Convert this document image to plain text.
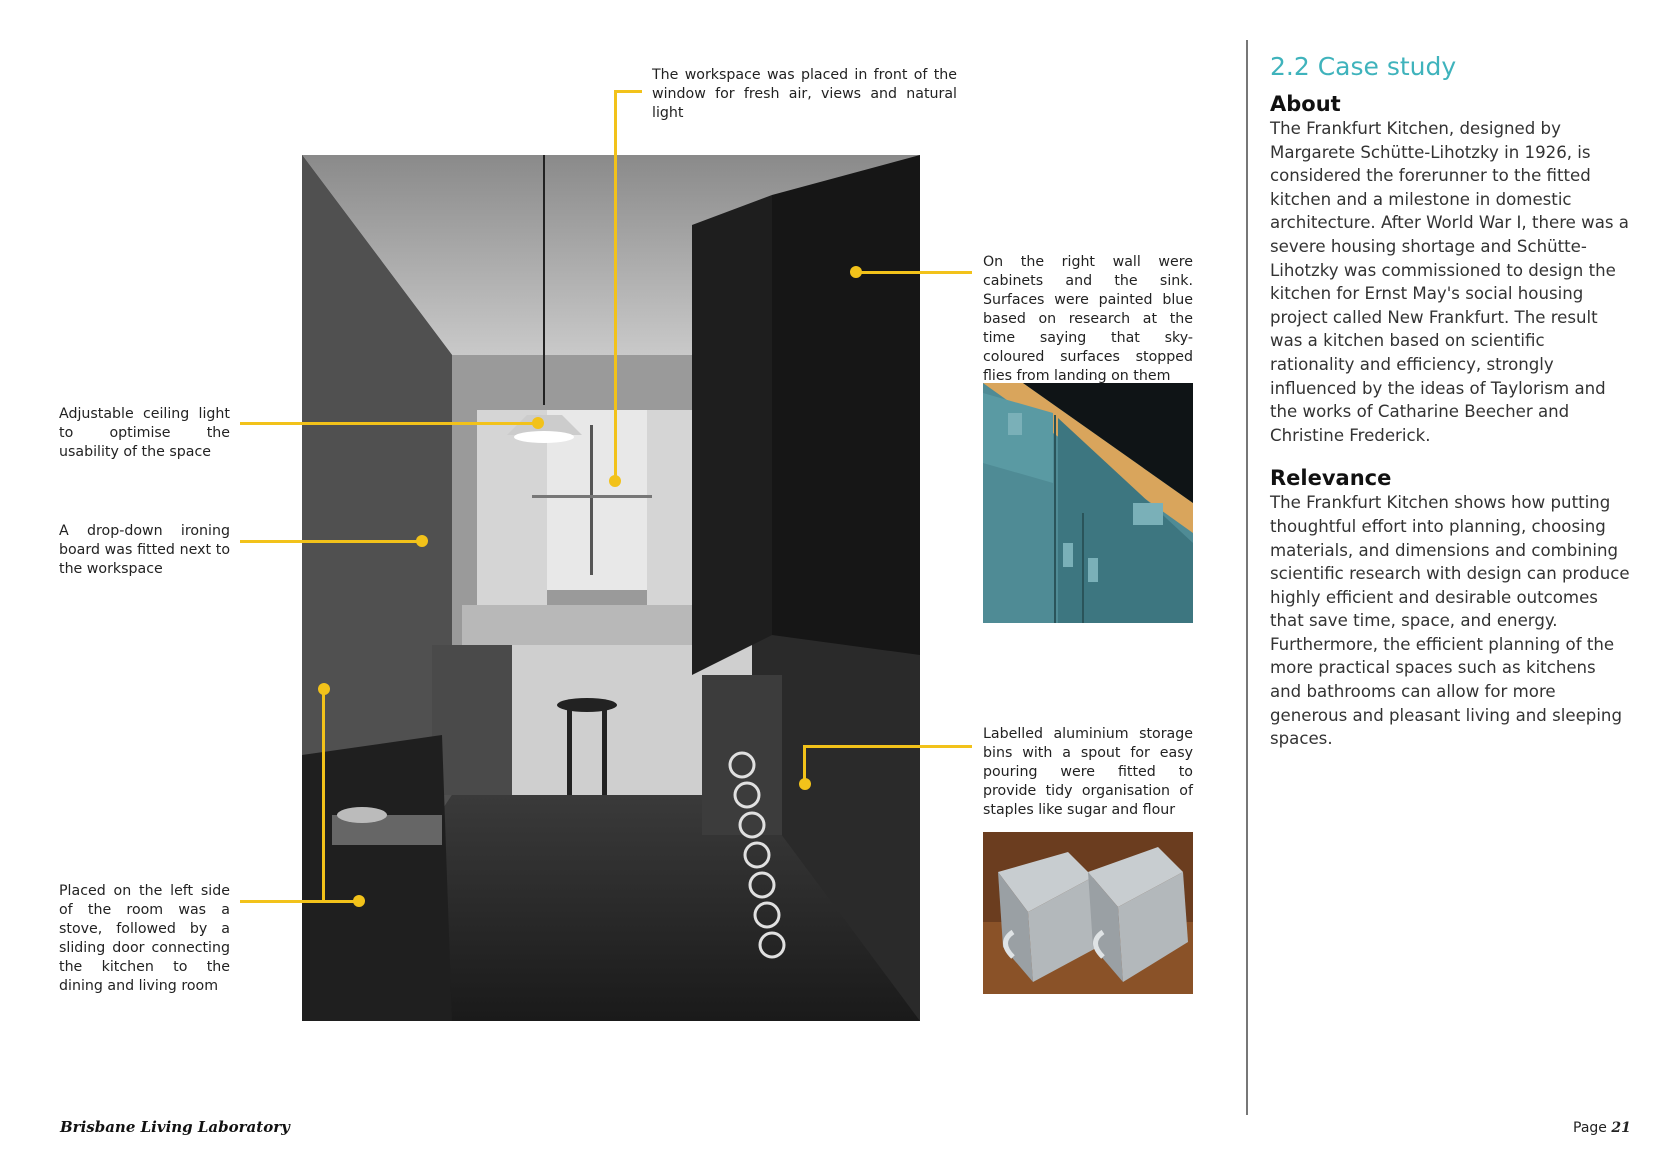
The workspace was placed in front of the window for fresh air, views and natural light
Adjustable ceiling light to optimise the usability of the space
A drop-down ironing board was fitted next to the workspace
Placed on the left side of the room was a stove, followed by a sliding door connecting the kitchen to the dining and living room
On the right wall were cabinets and the sink. Surfaces were painted blue based on research at the time saying that sky-coloured surfaces stopped flies from landing on them
Labelled aluminium storage bins with a spout for easy pouring were fitted to provide tidy organisation of staples like sugar and flour
2.2 Case study
About

The Frankfurt Kitchen, designed by Margarete Schütte-Lihotzky in 1926, is considered the forerunner to the fitted kitchen and a milestone in domestic architecture. After World War I, there was a severe housing shortage and Schütte-Lihotzky was commissioned to design the kitchen for Ernst May's social housing project called New Frankfurt. The result was a kitchen based on scientific rationality and efficiency, strongly influenced by the ideas of Taylorism and the works of Catharine Beecher and Christine Frederick.

Relevance

The Frankfurt Kitchen shows how putting thoughtful effort into planning, choosing materials, and dimensions and combining scientific research with design can produce highly efficient and desirable outcomes that save time, space, and energy. Furthermore, the efficient planning of the more practical spaces such as kitchens and bathrooms can allow for more generous and pleasant living and sleeping spaces.

Brisbane Living Laboratory	Page 21
